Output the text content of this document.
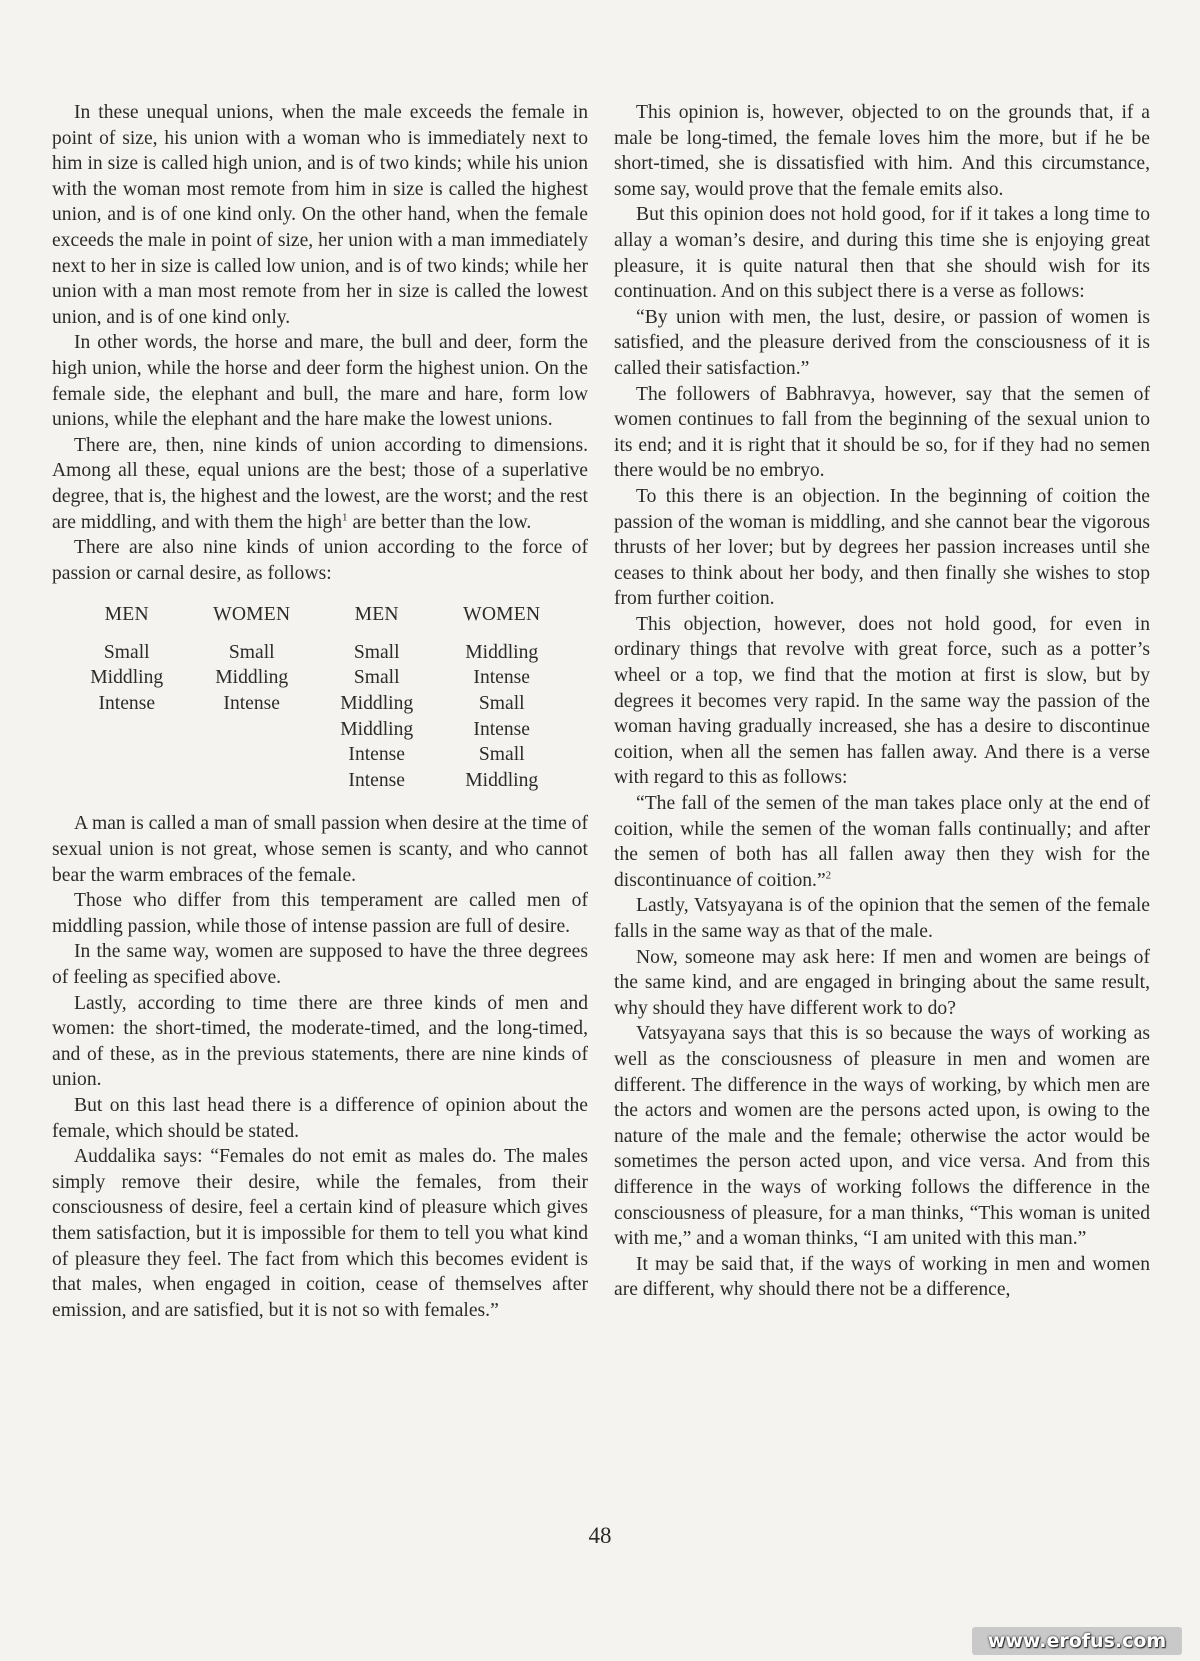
In these unequal unions, when the male exceeds the female in point of size, his union with a woman who is immediately next to him in size is called high union, and is of two kinds; while his union with the woman most remote from him in size is called the highest union, and is of one kind only. On the other hand, when the female exceeds the male in point of size, her union with a man immediately next to her in size is called low union, and is of two kinds; while her union with a man most remote from her in size is called the lowest union, and is of one kind only.

In other words, the horse and mare, the bull and deer, form the high union, while the horse and deer form the highest union. On the female side, the elephant and bull, the mare and hare, form low unions, while the elephant and the hare make the lowest unions.

There are, then, nine kinds of union according to dimensions. Among all these, equal unions are the best; those of a superlative degree, that is, the highest and the lowest, are the worst; and the rest are middling, and with them the high$^1$ are better than the low.

There are also nine kinds of union according to the force of passion or carnal desire, as follows:

MEN	WOMEN	MEN	WOMEN
Small	Small	Small	Middling
Middling	Middling	Small	Intense
Intense	Intense	Middling	Small
		Middling	Intense
		Intense	Small
		Intense	Middling

A man is called a man of small passion when desire at the time of sexual union is not great, whose semen is scanty, and who cannot bear the warm embraces of the female.

Those who differ from this temperament are called men of middling passion, while those of intense passion are full of desire.

In the same way, women are supposed to have the three degrees of feeling as specified above.

Lastly, according to time there are three kinds of men and women: the short-timed, the moderate-timed, and the long-timed, and of these, as in the previous statements, there are nine kinds of union.

But on this last head there is a difference of opinion about the female, which should be stated.

Auddalika says: “Females do not emit as males do. The males simply remove their desire, while the females, from their consciousness of desire, feel a certain kind of pleasure which gives them satisfaction, but it is impossible for them to tell you what kind of pleasure they feel. The fact from which this becomes evident is that males, when engaged in coition, cease of themselves after emission, and are satisfied, but it is not so with females.”

This opinion is, however, objected to on the grounds that, if a male be long-timed, the female loves him the more, but if he be short-timed, she is dissatisfied with him. And this circumstance, some say, would prove that the female emits also.

But this opinion does not hold good, for if it takes a long time to allay a woman’s desire, and during this time she is enjoying great pleasure, it is quite natural then that she should wish for its continuation. And on this subject there is a verse as follows:

“By union with men, the lust, desire, or passion of women is satisfied, and the pleasure derived from the consciousness of it is called their satisfaction.”

The followers of Babhravya, however, say that the semen of women continues to fall from the beginning of the sexual union to its end; and it is right that it should be so, for if they had no semen there would be no embryo.

To this there is an objection. In the beginning of coition the passion of the woman is middling, and she cannot bear the vigorous thrusts of her lover; but by degrees her passion increases until she ceases to think about her body, and then finally she wishes to stop from further coition.

This objection, however, does not hold good, for even in ordinary things that revolve with great force, such as a potter’s wheel or a top, we find that the motion at first is slow, but by degrees it becomes very rapid. In the same way the passion of the woman having gradually increased, she has a desire to discontinue coition, when all the semen has fallen away. And there is a verse with regard to this as follows:

“The fall of the semen of the man takes place only at the end of coition, while the semen of the woman falls continually; and after the semen of both has all fallen away then they wish for the discontinuance of coition.”$^2$

Lastly, Vatsyayana is of the opinion that the semen of the female falls in the same way as that of the male.

Now, someone may ask here: If men and women are beings of the same kind, and are engaged in bringing about the same result, why should they have different work to do?

Vatsyayana says that this is so because the ways of working as well as the consciousness of pleasure in men and women are different. The difference in the ways of working, by which men are the actors and women are the persons acted upon, is owing to the nature of the male and the female; otherwise the actor would be sometimes the person acted upon, and vice versa. And from this difference in the ways of working follows the difference in the consciousness of pleasure, for a man thinks, “This woman is united with me,” and a woman thinks, “I am united with this man.”

It may be said that, if the ways of working in men and women are different, why should there not be a difference,

48
www.erofus.com
